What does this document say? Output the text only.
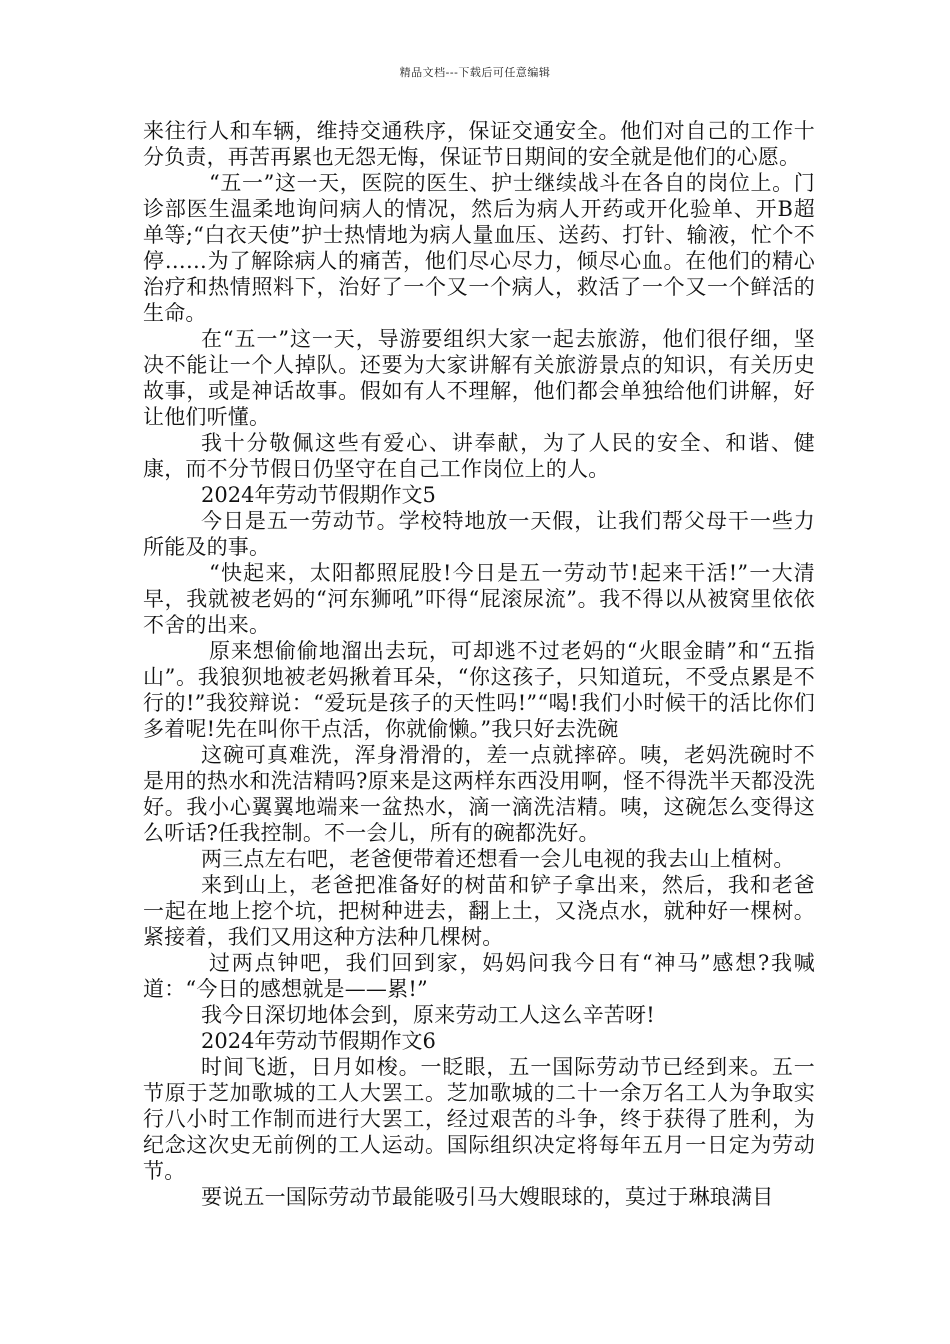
精品文档---下载后可任意编辑

来往行人和车辆，维持交通秩序，保证交通安全。他们对自己的工作十分负责，再苦再累也无怨无悔，保证节日期间的安全就是他们的心愿。

“五一”这一天，医院的医生、护士继续战斗在各自的岗位上。门诊部医生温柔地询问病人的情况，然后为病人开药或开化验单、开B超单等;“白衣天使”护士热情地为病人量血压、送药、打针、输液，忙个不停……为了解除病人的痛苦，他们尽心尽力，倾尽心血。在他们的精心治疗和热情照料下，治好了一个又一个病人，救活了一个又一个鲜活的生命。

在“五一”这一天，导游要组织大家一起去旅游，他们很仔细，坚决不能让一个人掉队。还要为大家讲解有关旅游景点的知识，有关历史故事，或是神话故事。假如有人不理解，他们都会单独给他们讲解，好让他们听懂。

我十分敬佩这些有爱心、讲奉献，为了人民的安全、和谐、健康，而不分节假日仍坚守在自己工作岗位上的人。

2024年劳动节假期作文5

今日是五一劳动节。学校特地放一天假，让我们帮父母干一些力所能及的事。

“快起来，太阳都照屁股!今日是五一劳动节!起来干活!”一大清早，我就被老妈的“河东狮吼”吓得“屁滚尿流”。我不得以从被窝里依依不舍的出来。

原来想偷偷地溜出去玩，可却逃不过老妈的“火眼金睛”和“五指山”。我狼狈地被老妈揪着耳朵，“你这孩子，只知道玩，不受点累是不行的!”我狡辩说：“爱玩是孩子的天性吗!”“喝!我们小时候干的活比你们多着呢!先在叫你干点活，你就偷懒。”我只好去洗碗

这碗可真难洗，浑身滑滑的，差一点就摔碎。咦，老妈洗碗时不是用的热水和洗洁精吗?原来是这两样东西没用啊，怪不得洗半天都没洗好。我小心翼翼地端来一盆热水，滴一滴洗洁精。咦，这碗怎么变得这么听话?任我控制。不一会儿，所有的碗都洗好。

两三点左右吧，老爸便带着还想看一会儿电视的我去山上植树。

来到山上，老爸把准备好的树苗和铲子拿出来，然后，我和老爸一起在地上挖个坑，把树种进去，翻上土，又浇点水，就种好一棵树。紧接着，我们又用这种方法种几棵树。

过两点钟吧，我们回到家，妈妈问我今日有“神马”感想?我喊道：“今日的感想就是——累!”

我今日深切地体会到，原来劳动工人这么辛苦呀!

2024年劳动节假期作文6

时间飞逝，日月如梭。一眨眼，五一国际劳动节已经到来。五一节原于芝加歌城的工人大罢工。芝加歌城的二十一余万名工人为争取实行八小时工作制而进行大罢工，经过艰苦的斗争，终于获得了胜利，为纪念这次史无前例的工人运动。国际组织决定将每年五月一日定为劳动节。

要说五一国际劳动节最能吸引马大嫂眼球的，莫过于琳琅满目
